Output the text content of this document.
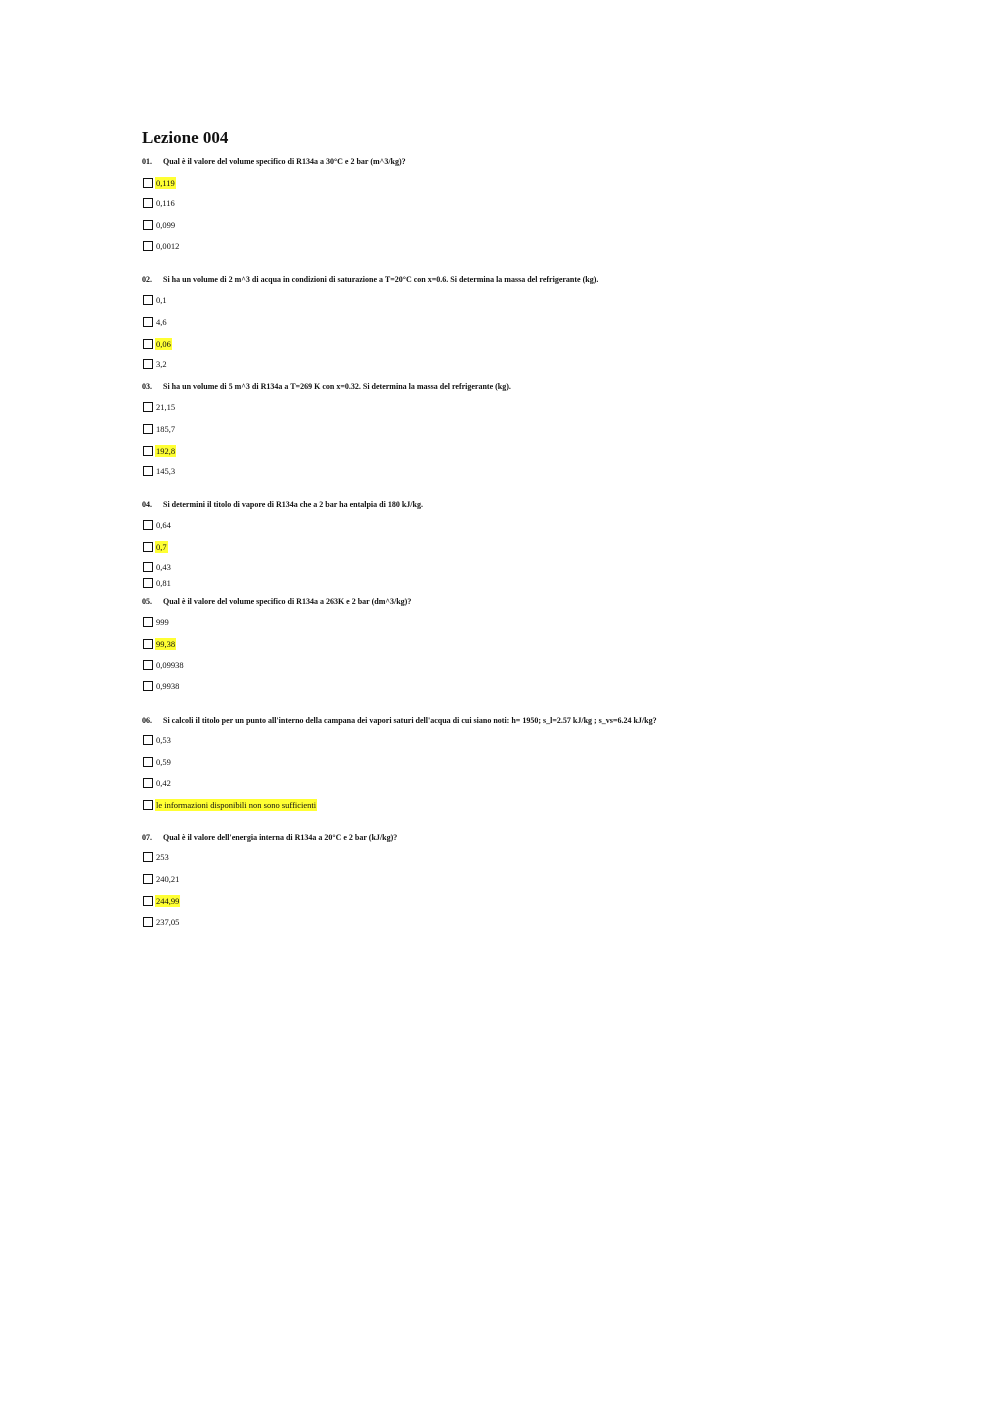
Lezione 004
01. Qual è il valore del volume specifico di R134a a 30°C e 2 bar (m^3/kg)?
0,119
0,116
0,099
0,0012
02. Si ha un volume di 2 m^3 di acqua in condizioni di saturazione a T=20°C con x=0.6. Si determina la massa del refrigerante (kg).
0,1
4,6
0,06
3,2
03. Si ha un volume di 5 m^3 di R134a a T=269 K con x=0.32. Si determina la massa del refrigerante (kg).
21,15
185,7
192,8
145,3
04. Si determini il titolo di vapore di R134a che a 2 bar ha entalpia di 180 kJ/kg.
0,64
0,7
0,43
0,81
05. Qual è il valore del volume specifico di R134a a 263K e 2 bar (dm^3/kg)?
999
99,38
0,09938
0,9938
06. Si calcoli il titolo per un punto all'interno della campana dei vapori saturi dell'acqua di cui siano noti: h= 1950; s_l=2.57 kJ/kg ; s_vs=6.24 kJ/kg?
0,53
0,59
0,42
le informazioni disponibili non sono sufficienti
07. Qual è il valore dell'energia interna di R134a a 20°C e 2 bar (kJ/kg)?
253
240,21
244,99
237,05
